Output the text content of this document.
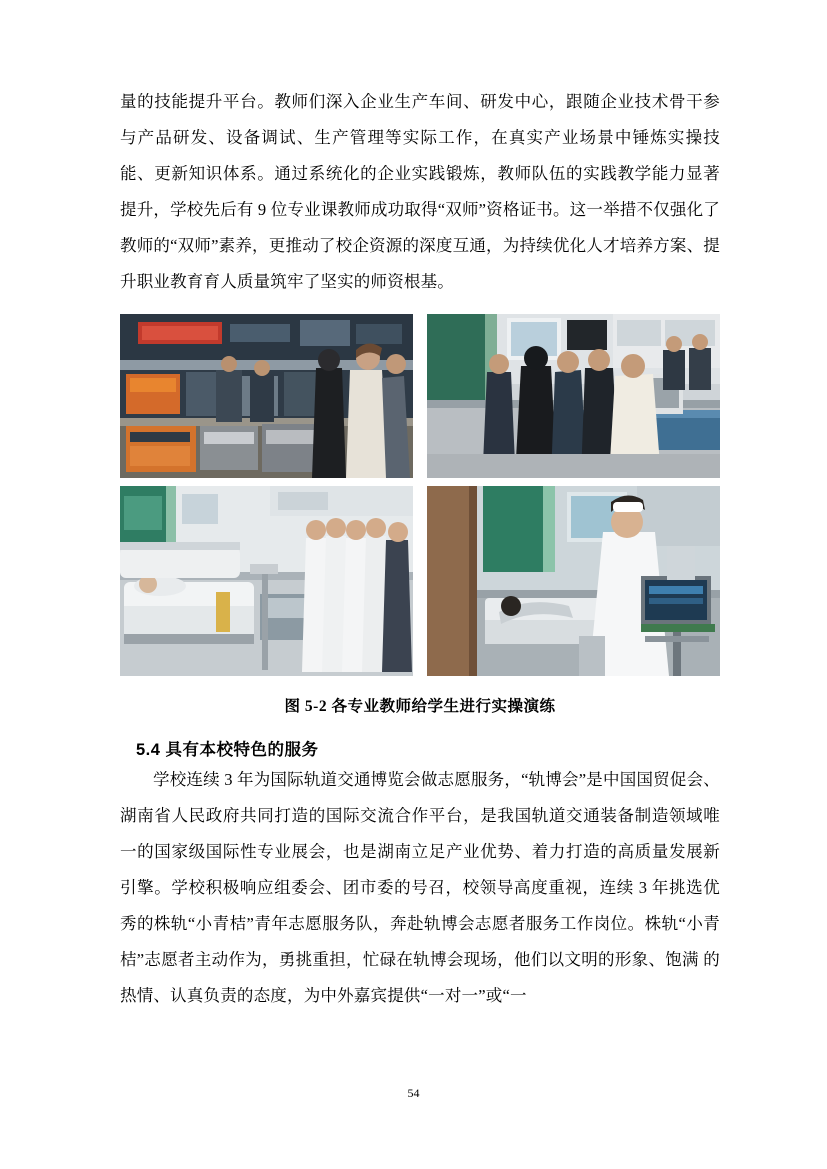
量的技能提升平台。教师们深入企业生产车间、研发中心，跟随企业技术骨干参与产品研发、设备调试、生产管理等实际工作，在真实产业场景中锤炼实操技能、更新知识体系。通过系统化的企业实践锻炼，教师队伍的实践教学能力显著提升，学校先后有 9 位专业课教师成功取得“双师”资格证书。这一举措不仅强化了教师的“双师”素养，更推动了校企资源的深度互通，为持续优化人才培养方案、提升职业教育育人质量筑牢了坚实的师资根基。

图 5-2 各专业教师给学生进行实操演练
5.4 具有本校特色的服务

学校连续 3 年为国际轨道交通博览会做志愿服务，“轨博会”是中国国贸促会、湖南省人民政府共同打造的国际交流合作平台，是我国轨道交通装备制造领域唯一的国家级国际性专业展会，也是湖南立足产业优势、着力打造的高质量发展新引擎。学校积极响应组委会、团市委的号召，校领导高度重视，连续 3 年挑选优秀的株轨“小青桔”青年志愿服务队，奔赴轨博会志愿者服务工作岗位。株轨“小青桔”志愿者主动作为，勇挑重担，忙碌在轨博会现场，他们以文明的形象、饱满 的热情、认真负责的态度，为中外嘉宾提供“一对一”或“一

54
